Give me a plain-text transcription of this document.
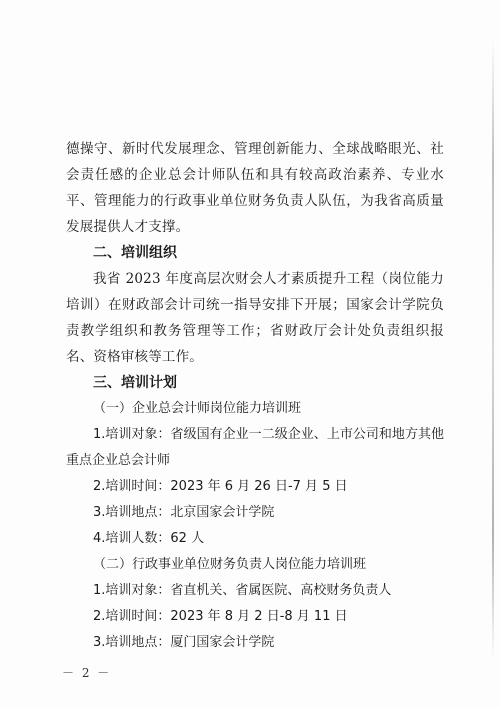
德操守、新时代发展理念、管理创新能力、全球战略眼光、社会责任感的企业总会计师队伍和具有较高政治素养、专业水平、管理能力的行政事业单位财务负责人队伍，为我省高质量发展提供人才支撑。

二、培训组织

我省 2023 年度高层次财会人才素质提升工程（岗位能力培训）在财政部会计司统一指导安排下开展；国家会计学院负责教学组织和教务管理等工作；省财政厅会计处负责组织报名、资格审核等工作。

三、培训计划

（一）企业总会计师岗位能力培训班

1.培训对象：省级国有企业一二级企业、上市公司和地方其他重点企业总会计师

2.培训时间：2023 年 6 月 26 日-7 月 5 日

3.培训地点：北京国家会计学院

4.培训人数：62 人

（二）行政事业单位财务负责人岗位能力培训班

1.培训对象：省直机关、省属医院、高校财务负责人

2.培训时间：2023 年 8 月 2 日-8 月 11 日

3.培训地点：厦门国家会计学院

－ 2 －
